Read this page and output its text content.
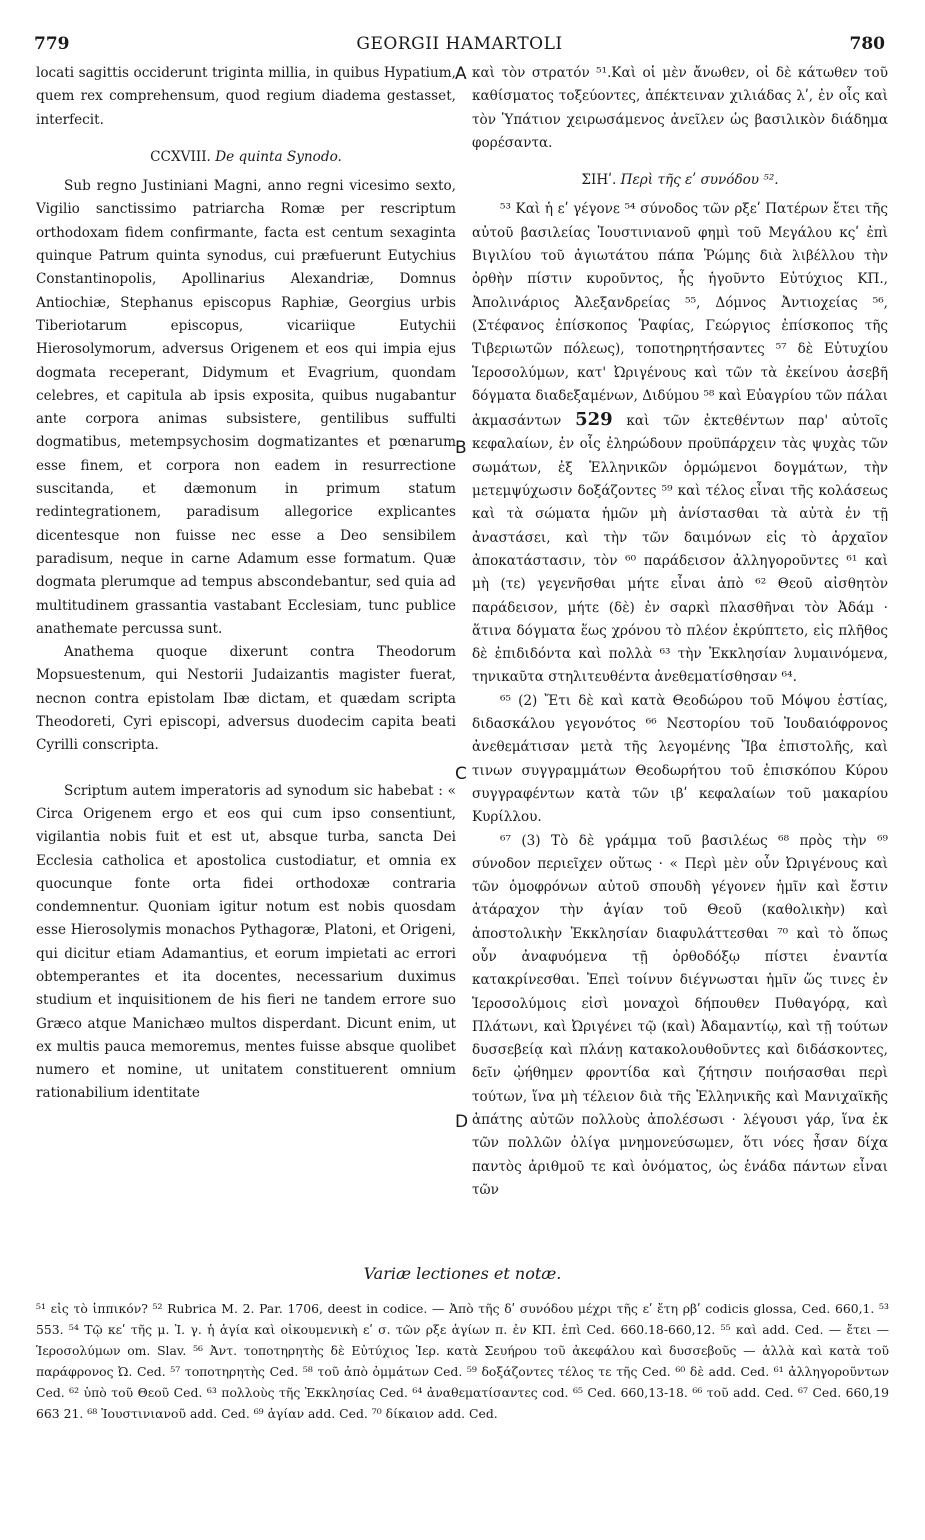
779	GEORGII HAMARTOLI	780

locati sagittis occiderunt triginta millia, in quibus Hypatium, quem rex comprehensum, quod regium diadema gestasset, interfecit.

CCXVIII. De quinta Synodo.

Sub regno Justiniani Magni, anno regni vicesimo sexto, Vigilio sanctissimo patriarcha Romæ per rescriptum orthodoxam fidem confirmante, facta est centum sexaginta quinque Patrum quinta synodus, cui præfuerunt Eutychius Constantinopolis, Apollinarius Alexandriæ, Domnus Antiochiæ, Stephanus episcopus Raphiæ, Georgius urbis Tiberiotarum episcopus, vicariique Eutychii Hierosolymorum, adversus Origenem et eos qui impia ejus dogmata receperant, Didymum et Evagrium, quondam celebres, et capitula ab ipsis exposita, quibus nugabantur ante corpora animas subsistere, gentilibus suffulti dogmatibus, metempsychosim dogmatizantes et pœnarum esse finem, et corpora non eadem in resurrectione suscitanda, et dæmonum in primum statum redintegrationem, paradisum allegorice explicantes dicentesque non fuisse nec esse a Deo sensibilem paradisum, neque in carne Adamum esse formatum. Quæ dogmata plerumque ad tempus abscondebantur, sed quia ad multitudinem grassantia vastabant Ecclesiam, tunc publice anathemate percussa sunt.

Anathema quoque dixerunt contra Theodorum Mopsuestenum, qui Nestorii Judaizantis magister fuerat, necnon contra epistolam Ibæ dictam, et quædam scripta Theodoreti, Cyri episcopi, adversus duodecim capita beati Cyrilli conscripta.

Scriptum autem imperatoris ad synodum sic habebat : « Circa Origenem ergo et eos qui cum ipso consentiunt, vigilantia nobis fuit et est ut, absque turba, sancta Dei Ecclesia catholica et apostolica custodiatur, et omnia ex quocunque fonte orta fidei orthodoxæ contraria condemnentur. Quoniam igitur notum est nobis quosdam esse Hierosolymis monachos Pythagoræ, Platoni, et Origeni, qui dicitur etiam Adamantius, et eorum impietati ac errori obtemperantes et ita docentes, necessarium duximus studium et inquisitionem de his fieri ne tandem errore suo Græco atque Manichæo multos disperdant. Dicunt enim, ut ex multis pauca memoremus, mentes fuisse absque quolibet numero et nomine, ut unitatem constituerent omnium rationabilium identitate

A
B
C
D

καὶ τὸν στρατόν ⁵¹.Καὶ οἱ μὲν ἄνωθεν, οἱ δὲ κάτωθεν τοῦ καθίσματος τοξεύοντες, ἀπέκτειναν χιλιάδας λʹ, ἐν οἷς καὶ τὸν Ὑπάτιον χειρωσάμενος ἀνεῖλεν ὡς βασιλικὸν διάδημα φορέσαντα.

ΣΙΗʹ. Περὶ τῆς εʹ συνόδου ⁵².

⁵³ Καὶ ἡ εʹ γέγονε ⁵⁴ σύνοδος τῶν ρξεʹ Πατέρων ἔτει τῆς αὐτοῦ βασιλείας Ἰουστινιανοῦ φημὶ τοῦ Μεγάλου κςʹ ἐπὶ Βιγιλίου τοῦ ἁγιωτάτου πάπα Ῥώμης διὰ λιβέλλου τὴν ὀρθὴν πίστιν κυροῦντος, ἧς ἡγοῦντο Εὐτύχιος ΚΠ., Ἀπολινάριος Ἀλεξανδρείας ⁵⁵, Δόμνος Ἀντιοχείας ⁵⁶, (Στέφανος ἐπίσκοπος Ῥαφίας, Γεώργιος ἐπίσκοπος τῆς Τιβεριωτῶν πόλεως), τοποτηρητήσαντες ⁵⁷ δὲ Εὐτυχίου Ἱεροσολύμων, κατ' Ὠριγένους καὶ τῶν τὰ ἐκείνου ἀσεβῆ δόγματα διαδεξαμένων, Διδύμου ⁵⁸ καὶ Εὐαγρίου τῶν πάλαι ἀκμασάντων 529 καὶ τῶν ἐκτεθέντων παρ' αὐτοῖς κεφαλαίων, ἐν οἷς ἐληρώδουν προϋπάρχειν τὰς ψυχὰς τῶν σωμάτων, ἐξ Ἑλληνικῶν ὁρμώμενοι δογμάτων, τὴν μετεμψύχωσιν δοξάζοντες ⁵⁹ καὶ τέλος εἶναι τῆς κολάσεως καὶ τὰ σώματα ἡμῶν μὴ ἀνίστασθαι τὰ αὐτὰ ἐν τῇ ἀναστάσει, καὶ τὴν τῶν δαιμόνων εἰς τὸ ἀρχαῖον ἀποκατάστασιν, τὸν ⁶⁰ παράδεισον ἀλληγοροῦντες ⁶¹ καὶ μὴ (τε) γεγενῆσθαι μήτε εἶναι ἀπὸ ⁶² Θεοῦ αἰσθητὸν παράδεισον, μήτε (δὲ) ἐν σαρκὶ πλασθῆναι τὸν Ἀδάμ · ἅτινα δόγματα ἕως χρόνου τὸ πλέον ἐκρύπτετο, εἰς πλῆθος δὲ ἐπιδιδόντα καὶ πολλὰ ⁶³ τὴν Ἐκκλησίαν λυμαινόμενα, τηνικαῦτα στηλιτευθέντα ἀνεθεματίσθησαν ⁶⁴.

⁶⁵ (2) Ἔτι δὲ καὶ κατὰ Θεοδώρου τοῦ Μόψου ἑστίας, διδασκάλου γεγονότος ⁶⁶ Νεστορίου τοῦ Ἰουδαιόφρονος ἀνεθεμάτισαν μετὰ τῆς λεγομένης Ἴβα ἐπιστολῆς, καὶ τινων συγγραμμάτων Θεοδωρήτου τοῦ ἐπισκόπου Κύρου συγγραφέντων κατὰ τῶν ιβʹ κεφαλαίων τοῦ μακαρίου Κυρίλλου.

⁶⁷ (3) Τὸ δὲ γράμμα τοῦ βασιλέως ⁶⁸ πρὸς τὴν ⁶⁹ σύνοδον περιεῖχεν οὕτως · « Περὶ μὲν οὖν Ὠριγένους καὶ τῶν ὁμοφρόνων αὐτοῦ σπουδὴ γέγονεν ἡμῖν καὶ ἔστιν ἀτάραχον τὴν ἁγίαν τοῦ Θεοῦ (καθολικὴν) καὶ ἀποστολικὴν Ἐκκλησίαν διαφυλάττεσθαι ⁷⁰ καὶ τὸ ὅπως οὖν ἀναφυόμενα τῇ ὀρθοδόξῳ πίστει ἐναντία κατακρίνεσθαι. Ἐπεὶ τοίνυν διέγνωσται ἡμῖν ὥς τινες ἐν Ἱεροσολύμοις εἰσὶ μοναχοὶ δήπουθεν Πυθαγόρᾳ, καὶ Πλάτωνι, καὶ Ὠριγένει τῷ (καὶ) Ἀδαμαντίῳ, καὶ τῇ τούτων δυσσεβείᾳ καὶ πλάνῃ κατακολουθοῦντες καὶ διδάσκοντες, δεῖν ᾠήθημεν φροντίδα καὶ ζήτησιν ποιήσασθαι περὶ τούτων, ἵνα μὴ τέλειον διὰ τῆς Ἑλληνικῆς καὶ Μανιχαϊκῆς ἀπάτης αὐτῶν πολλοὺς ἀπολέσωσι · λέγουσι γάρ, ἵνα ἐκ τῶν πολλῶν ὀλίγα μνημονεύσωμεν, ὅτι νόες ἦσαν δίχα παντὸς ἀριθμοῦ τε καὶ ὀνόματος, ὡς ἑνάδα πάντων εἶναι τῶν

Variæ lectiones et notæ.
⁵¹ εἰς τὸ ἱππικόν? ⁵² Rubrica M. 2. Par. 1706, deest in codice. — Ἀπὸ τῆς δʹ συνόδου μέχρι τῆς εʹ ἔτη ρβʹ codicis glossa, Ced. 660,1. ⁵³ 553. ⁵⁴ Τῷ κεʹ τῆς μ. Ἰ. γ. ἡ ἁγία καὶ οἰκουμενικὴ εʹ σ. τῶν ρξε ἁγίων π. ἐν ΚΠ. ἐπὶ Ced. 660.18-660,12. ⁵⁵ καὶ add. Ced. — ἔτει — Ἱεροσολύμων om. Slav. ⁵⁶ Ἀντ. τοποτηρητὴς δὲ Εὐτύχιος Ἱερ. κατὰ Σευήρου τοῦ ἀκεφάλου καὶ δυσσεβοῦς — ἀλλὰ καὶ κατὰ τοῦ παράφρονος Ὠ. Ced. ⁵⁷ τοποτηρητὴς Ced. ⁵⁸ τοῦ ἀπὸ ὀμμάτων Ced. ⁵⁹ δοξάζοντες τέλος τε τῆς Ced. ⁶⁰ δὲ add. Ced. ⁶¹ ἀλληγοροῦντων Ced. ⁶² ὑπὸ τοῦ Θεοῦ Ced. ⁶³ πολλοὺς τῆς Ἐκκλησίας Ced. ⁶⁴ ἀναθεματίσαντες cod. ⁶⁵ Ced. 660,13-18. ⁶⁶ τοῦ add. Ced. ⁶⁷ Ced. 660,19 663 21. ⁶⁸ Ἰουστινιανοῦ add. Ced. ⁶⁹ ἁγίαν add. Ced. ⁷⁰ δίκαιον add. Ced.
